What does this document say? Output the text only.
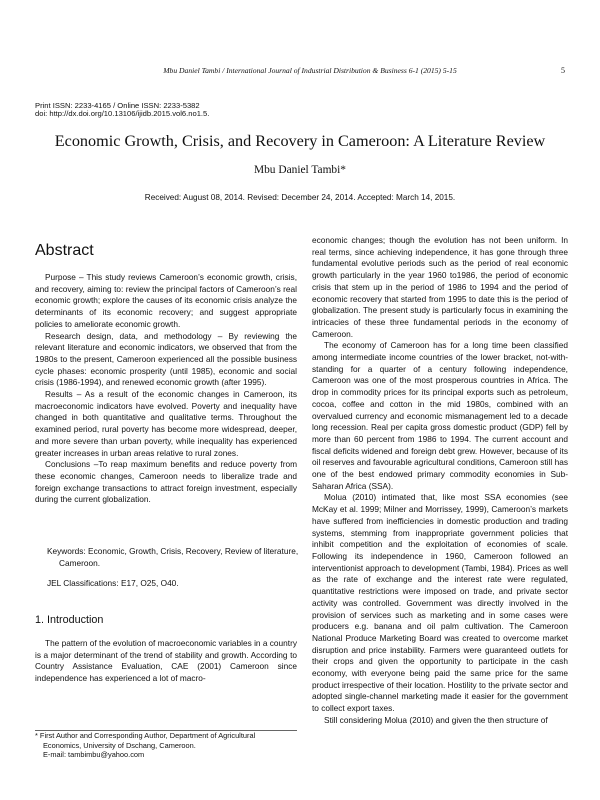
Mbu Daniel Tambi / International Journal of Industrial Distribution & Business 6-1 (2015) 5-15	5
Print ISSN: 2233-4165 / Online ISSN: 2233-5382
doi: http://dx.doi.org/10.13106/ijidb.2015.vol6.no1.5.
Economic Growth, Crisis, and Recovery in Cameroon: A Literature Review
Mbu Daniel Tambi*
Received: August 08, 2014. Revised: December 24, 2014. Accepted: March 14, 2015.
Abstract

Purpose – This study reviews Cameroon’s economic growth, crisis, and recovery, aiming to: review the principal factors of Cameroon’s real economic growth; explore the causes of its economic crisis analyze the determinants of its economic recovery; and suggest appropriate policies to ameliorate economic growth.

Research design, data, and methodology – By reviewing the relevant literature and economic indicators, we observed that from the 1980s to the present, Cameroon experienced all the possible business cycle phases: economic prosperity (until 1985), economic and social crisis (1986-1994), and renewed economic growth (after 1995).

Results – As a result of the economic changes in Cameroon, its macroeconomic indicators have evolved. Poverty and inequality have changed in both quantitative and qualitative terms. Throughout the examined period, rural poverty has become more widespread, deeper, and more severe than urban poverty, while inequality has experienced greater increases in urban areas relative to rural zones.

Conclusions –To reap maximum benefits and reduce poverty from these economic changes, Cameroon needs to liberalize trade and foreign exchange transactions to attract foreign investment, especially during the current globalization.

Keywords: Economic, Growth, Crisis, Recovery, Review of literature, Cameroon.
JEL Classifications: E17, O25, O40.
1. Introduction

The pattern of the evolution of macroeconomic variables in a country is a major determinant of the trend of stability and growth. According to Country Assistance Evaluation, CAE (2001) Cameroon since independence has experienced a lot of macro-

* First Author and Corresponding Author, Department of Agricultural
Economics, University of Dschang, Cameroon.
E-mail: tambimbu@yahoo.com

economic changes; though the evolution has not been uniform. In real terms, since achieving independence, it has gone through three fundamental evolutive periods such as the period of real economic growth particularly in the year 1960 to1986, the period of economic crisis that stem up in the period of 1986 to 1994 and the period of economic recovery that started from 1995 to date this is the period of globalization. The present study is particularly focus in examining the intricacies of these three fundamental periods in the economy of Cameroon.

The economy of Cameroon has for a long time been classified among intermediate income countries of the lower bracket, not-with-standing for a quarter of a century following independence, Cameroon was one of the most prosperous countries in Africa. The drop in commodity prices for its principal exports such as petroleum, cocoa, coffee and cotton in the mid 1980s, combined with an overvalued currency and economic mismanagement led to a decade long recession. Real per capita gross domestic product (GDP) fell by more than 60 percent from 1986 to 1994. The current account and fiscal deficits widened and foreign debt grew. However, because of its oil reserves and favourable agricultural conditions, Cameroon still has one of the best endowed primary commodity economies in Sub-Saharan Africa (SSA).

Molua (2010) intimated that, like most SSA economies (see McKay et al. 1999; Milner and Morrissey, 1999), Cameroon’s markets have suffered from inefficiencies in domestic production and trading systems, stemming from inappropriate government policies that inhibit competition and the exploitation of economies of scale. Following its independence in 1960, Cameroon followed an interventionist approach to development (Tambi, 1984). Prices as well as the rate of exchange and the interest rate were regulated, quantitative restrictions were imposed on trade, and private sector activity was controlled. Government was directly involved in the provision of services such as marketing and in some cases were producers e.g. banana and oil palm cultivation. The Cameroon National Produce Marketing Board was created to overcome market disruption and price instability. Farmers were guaranteed outlets for their crops and given the opportunity to participate in the cash economy, with everyone being paid the same price for the same product irrespective of their location. Hostility to the private sector and adopted single-channel marketing made it easier for the government to collect export taxes.

Still considering Molua (2010) and given the then structure of
